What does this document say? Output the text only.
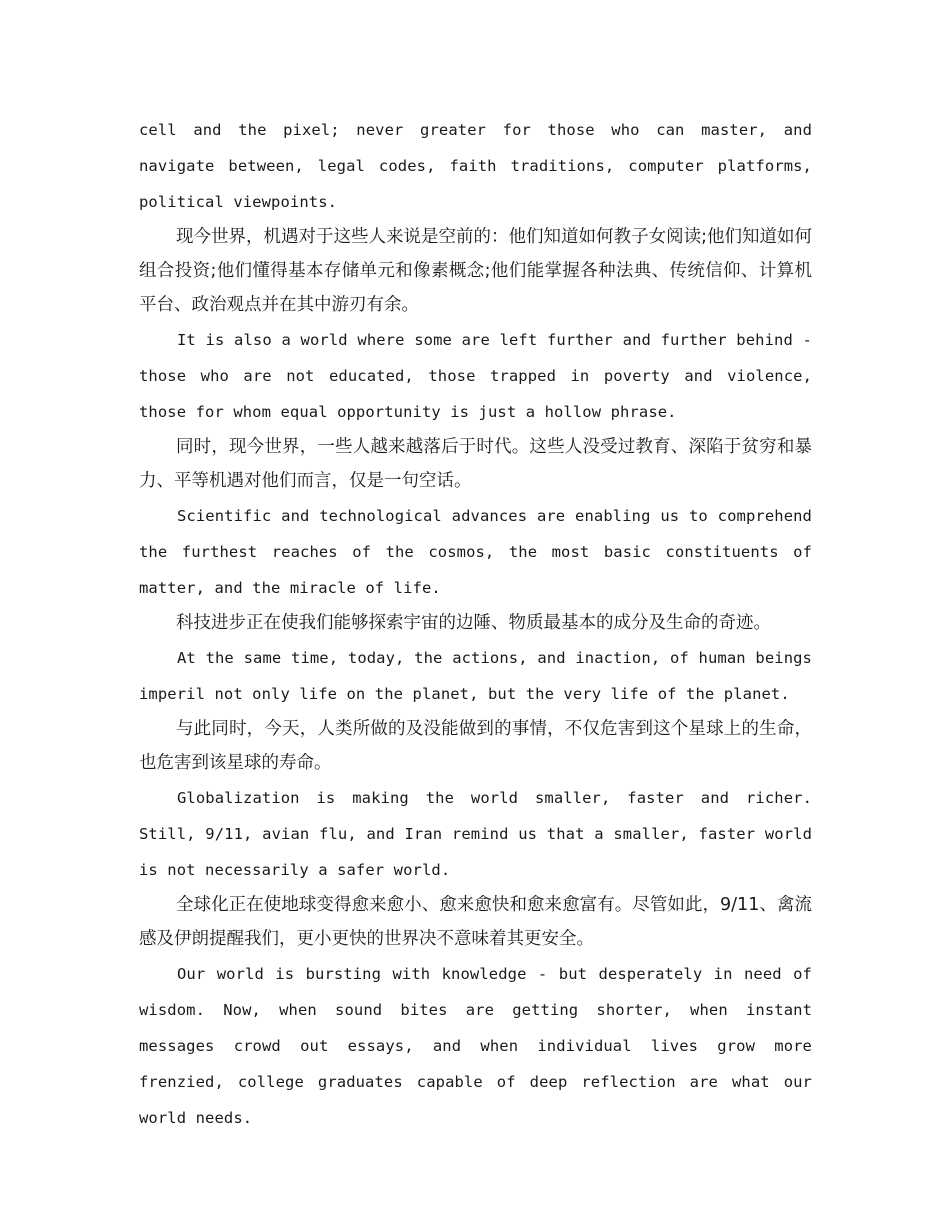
cell and the pixel; never greater for those who can master, and navigate between, legal codes, faith traditions, computer platforms, political viewpoints.

现今世界，机遇对于这些人来说是空前的：他们知道如何教子女阅读;他们知道如何组合投资;他们懂得基本存储单元和像素概念;他们能掌握各种法典、传统信仰、计算机平台、政治观点并在其中游刃有余。

It is also a world where some are left further and further behind - those who are not educated, those trapped in poverty and violence, those for whom equal opportunity is just a hollow phrase.

同时，现今世界，一些人越来越落后于时代。这些人没受过教育、深陷于贫穷和暴力、平等机遇对他们而言，仅是一句空话。

Scientific and technological advances are enabling us to comprehend the furthest reaches of the cosmos, the most basic constituents of matter, and the miracle of life.

科技进步正在使我们能够探索宇宙的边陲、物质最基本的成分及生命的奇迹。

At the same time, today, the actions, and inaction, of human beings imperil not only life on the planet, but the very life of the planet.

与此同时，今天，人类所做的及没能做到的事情，不仅危害到这个星球上的生命，也危害到该星球的寿命。

Globalization is making the world smaller, faster and richer. Still, 9/11, avian flu, and Iran remind us that a smaller, faster world is not necessarily a safer world.

全球化正在使地球变得愈来愈小、愈来愈快和愈来愈富有。尽管如此，9/11、禽流感及伊朗提醒我们，更小更快的世界决不意味着其更安全。

Our world is bursting with knowledge - but desperately in need of wisdom. Now, when sound bites are getting shorter, when instant messages crowd out essays, and when individual lives grow more frenzied, college graduates capable of deep reflection are what our world needs.
